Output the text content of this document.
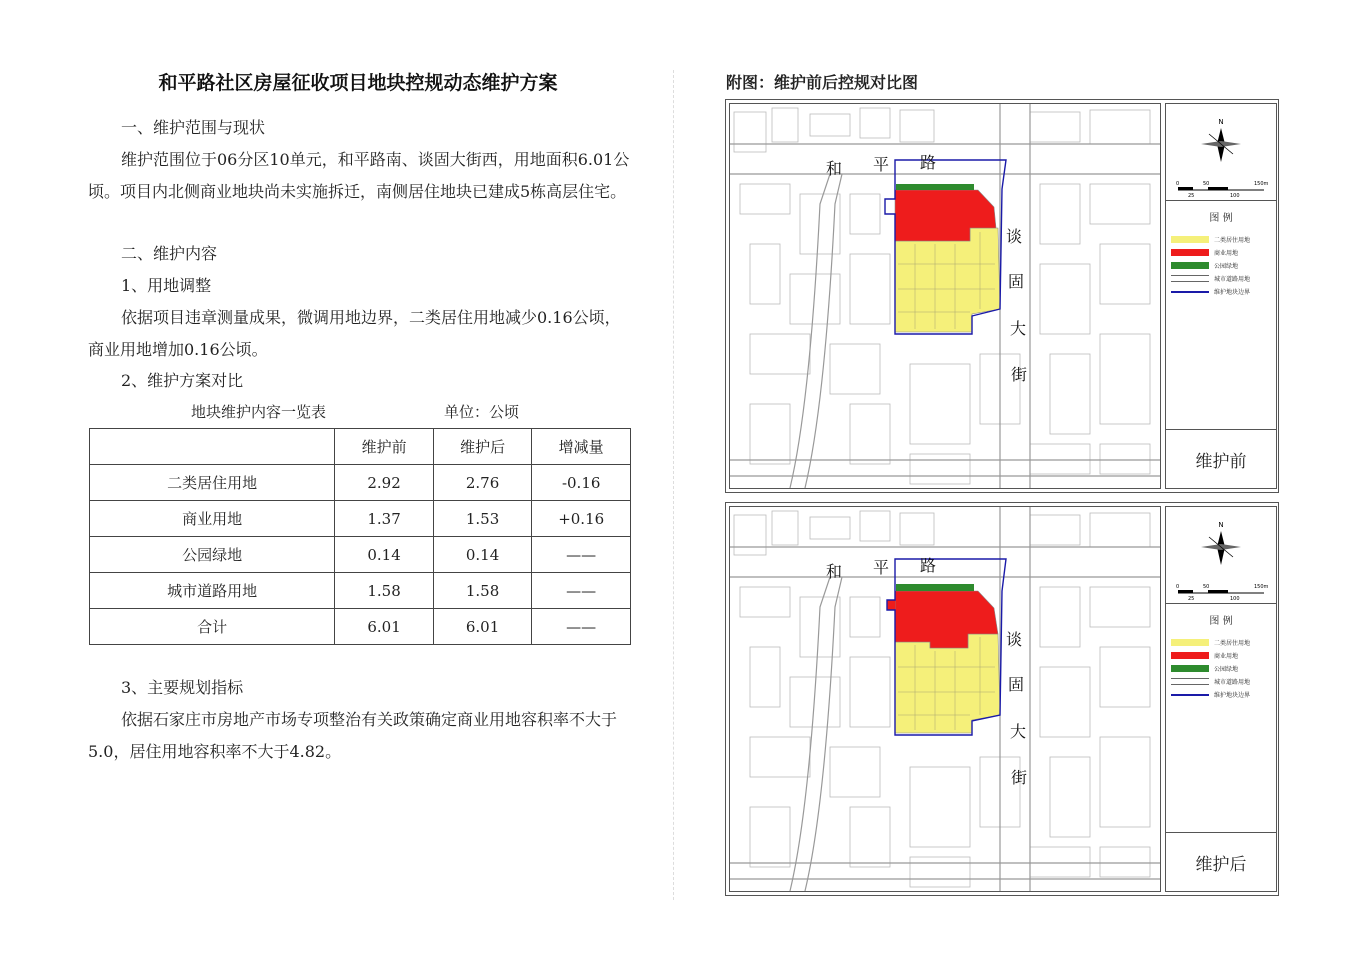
和平路社区房屋征收项目地块控规动态维护方案
一、维护范围与现状
维护范围位于06分区10单元，和平路南、谈固大街西，用地面积6.01公顷。项目内北侧商业地块尚未实施拆迁，南侧居住地块已建成5栋高层住宅。
二、维护内容
1、用地调整
依据项目违章测量成果，微调用地边界，二类居住用地减少0.16公顷，商业用地增加0.16公顷。
2、维护方案对比
地块维护内容一览表	单位：公顷
	维护前	维护后	增减量
二类居住用地	2.92	2.76	-0.16
商业用地	1.37	1.53	+0.16
公园绿地	0.14	0.14	——
城市道路用地	1.58	1.58	——
合计	6.01	6.01	——
3、主要规划指标
依据石家庄市房地产市场专项整治有关政策确定商业用地容积率不大于5.0，居住用地容积率不大于4.82。
附图：维护前后控规对比图
和 平 路
谈
固
大
街
N
0	50	150m
25	100
图 例
二类居住用地
商业用地
公园绿地
城市道路用地
维护地块边界
维护前
和 平 路
谈
固
大
街
N
0	50	150m
25	100
图 例
二类居住用地
商业用地
公园绿地
城市道路用地
维护地块边界
维护后
